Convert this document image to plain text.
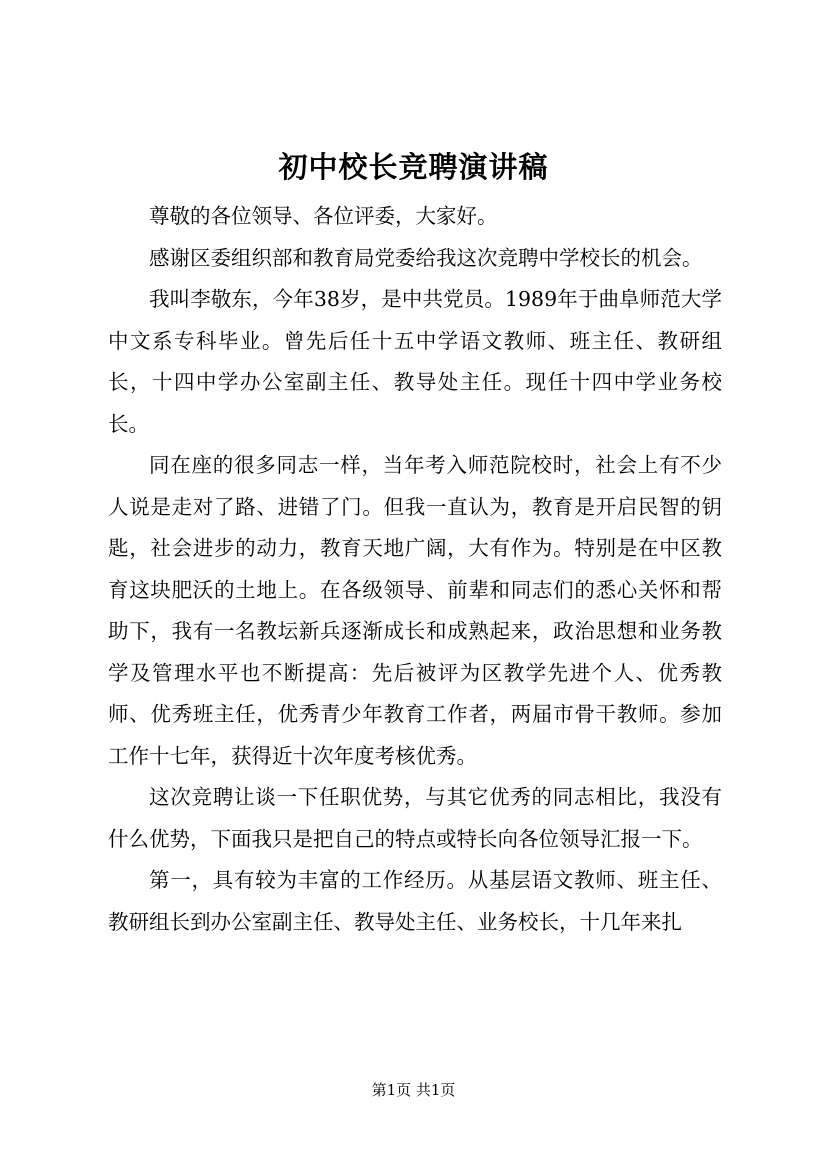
初中校长竞聘演讲稿

尊敬的各位领导、各位评委，大家好。

感谢区委组织部和教育局党委给我这次竞聘中学校长的机会。

我叫李敬东，今年38岁，是中共党员。1989年于曲阜师范大学中文系专科毕业。曾先后任十五中学语文教师、班主任、教研组长，十四中学办公室副主任、教导处主任。现任十四中学业务校长。

同在座的很多同志一样，当年考入师范院校时，社会上有不少人说是走对了路、进错了门。但我一直认为，教育是开启民智的钥匙，社会进步的动力，教育天地广阔，大有作为。特别是在中区教育这块肥沃的土地上。在各级领导、前辈和同志们的悉心关怀和帮助下，我有一名教坛新兵逐渐成长和成熟起来，政治思想和业务教学及管理水平也不断提高：先后被评为区教学先进个人、优秀教师、优秀班主任，优秀青少年教育工作者，两届市骨干教师。参加工作十七年，获得近十次年度考核优秀。

这次竞聘让谈一下任职优势，与其它优秀的同志相比，我没有什么优势，下面我只是把自己的特点或特长向各位领导汇报一下。

第一，具有较为丰富的工作经历。从基层语文教师、班主任、教研组长到办公室副主任、教导处主任、业务校长，十几年来扎

第1页 共1页
